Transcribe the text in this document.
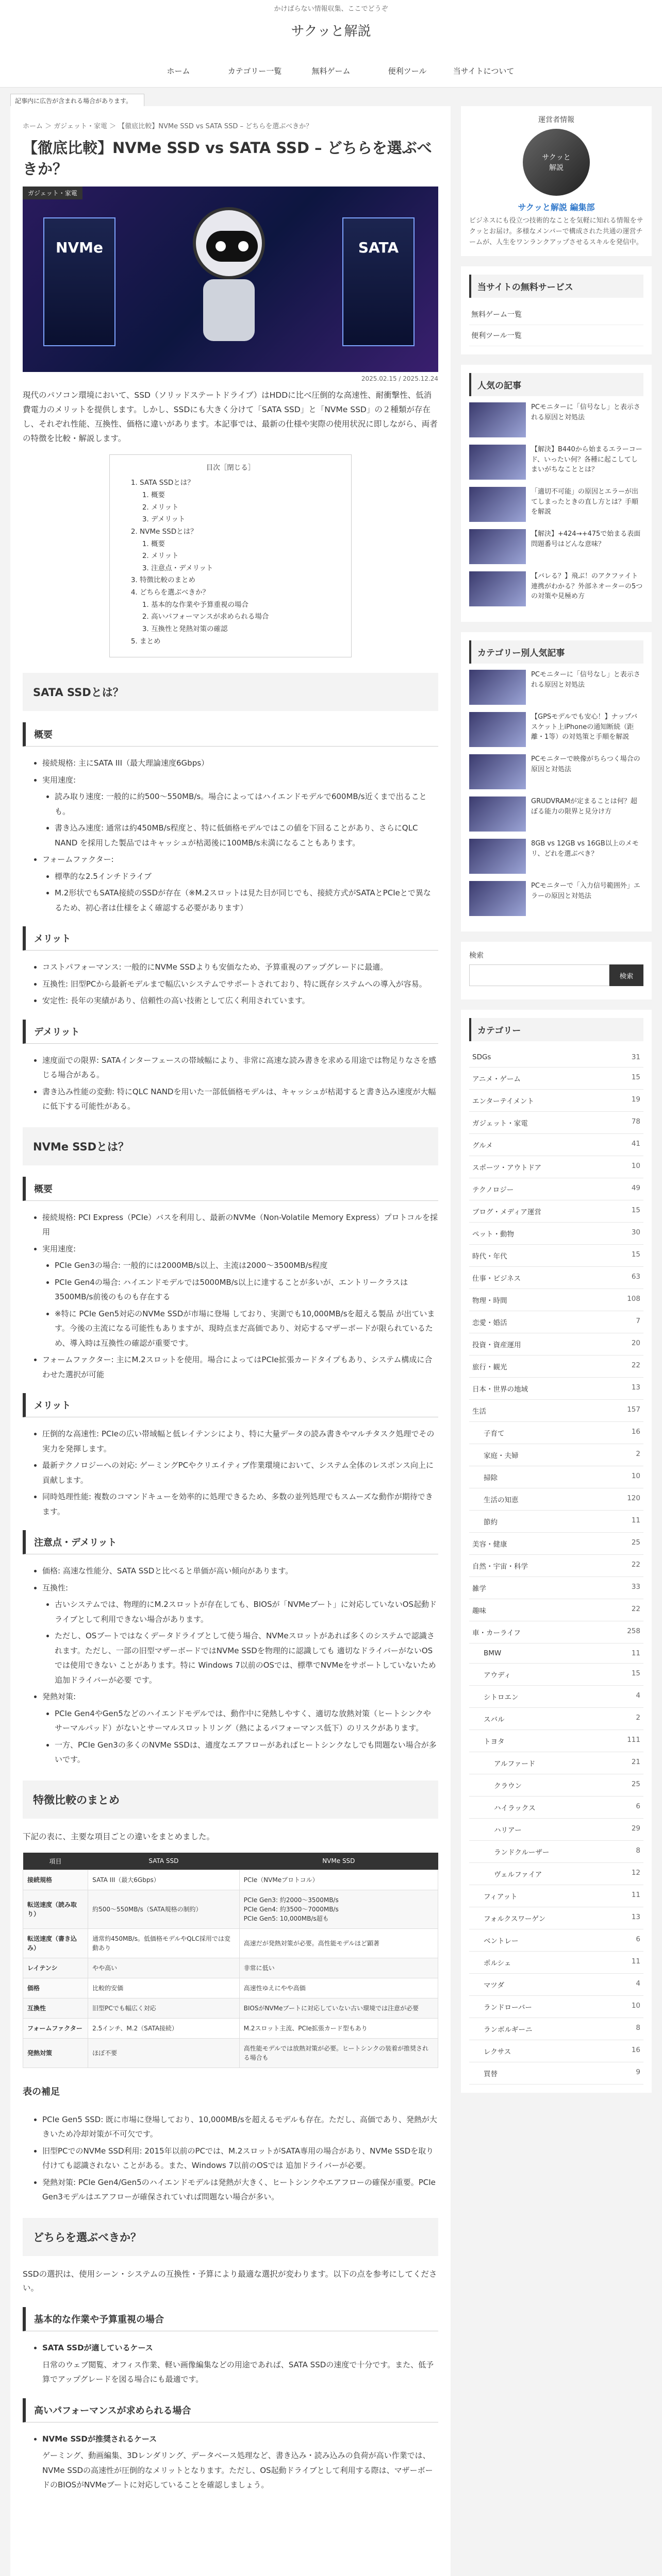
かけばらない情報収集、ここでどうぞ
サクッと解説
ホーム	カテゴリー一覧	無料ゲーム	便利ツール	当サイトについて
記事内に広告が含まれる場合があります。
ホーム ＞ ガジェット・家電 ＞ 【徹底比較】NVMe SSD vs SATA SSD – どちらを選ぶべきか？
【徹底比較】NVMe SSD vs SATA SSD – どちらを選ぶべきか？
ガジェット・家電
NVMe	SATA
2025.02.15 / 2025.12.24

現代のパソコン環境において、SSD（ソリッドステートドライブ）はHDDに比べ圧倒的な高速性、耐衝撃性、低消費電力のメリットを提供します。しかし、SSDにも大きく分けて「SATA SSD」と「NVMe SSD」の２種類が存在し、それぞれ性能、互換性、価格に違いがあります。本記事では、最新の仕様や実際の使用状況に即しながら、両者の特徴を比較・解説します。

目次［閉じる］
1. SATA SSDとは？
1. 概要
2. メリット
3. デメリット
2. NVMe SSDとは？
1. 概要
2. メリット
3. 注意点・デメリット
3. 特徴比較のまとめ
4. どちらを選ぶべきか？
1. 基本的な作業や予算重視の場合
2. 高いパフォーマンスが求められる場合
3. 互換性と発熱対策の確認
5. まとめ
SATA SSDとは？
概要
• 接続規格: 主にSATA III（最大理論速度6Gbps）
• 実用速度:
• 読み取り速度: 一般的に約500〜550MB/s。場合によってはハイエンドモデルで600MB/s近くまで出ることも。
• 書き込み速度: 通常は約450MB/s程度と、特に低価格モデルではこの値を下回ることがあり、さらにQLC NAND を採用した製品ではキャッシュが枯渇後に100MB/s未満になることもあります。
• フォームファクター:
• 標準的な2.5インチドライブ
• M.2形状でもSATA接続のSSDが存在（※M.2スロットは見た目が同じでも、接続方式がSATAとPCIeとで異なるため、初心者は仕様をよく確認する必要があります）
メリット
• コストパフォーマンス: 一般的にNVMe SSDよりも安価なため、予算重視のアップグレードに最適。
• 互換性: 旧型PCから最新モデルまで幅広いシステムでサポートされており、特に既存システムへの導入が容易。
• 安定性: 長年の実績があり、信頼性の高い技術として広く利用されています。
デメリット
• 速度面での限界: SATAインターフェースの帯域幅により、非常に高速な読み書きを求める用途では物足りなさを感じる場合がある。
• 書き込み性能の変動: 特にQLC NANDを用いた一部低価格モデルは、キャッシュが枯渇すると書き込み速度が大幅に低下する可能性がある。
NVMe SSDとは？
概要
• 接続規格: PCI Express（PCIe）バスを利用し、最新のNVMe（Non-Volatile Memory Express）プロトコルを採用
• 実用速度:
• PCIe Gen3の場合: 一般的には2000MB/s以上、主流は2000〜3500MB/s程度
• PCIe Gen4の場合: ハイエンドモデルでは5000MB/s以上に達することが多いが、エントリークラスは3500MB/s前後のものも存在する
• ※特に PCIe Gen5対応のNVMe SSDが市場に登場 しており、実測でも10,000MB/sを超える製品 が出ています。今後の主流になる可能性もありますが、現時点まだ高価であり、対応するマザーボードが限られているため、導入時は互換性の確認が重要です。
• フォームファクター: 主にM.2スロットを使用。場合によってはPCIe拡張カードタイプもあり、システム構成に合わせた選択が可能
メリット
• 圧倒的な高速性: PCIeの広い帯域幅と低レイテンシにより、特に大量データの読み書きやマルチタスク処理でその実力を発揮します。
• 最新テクノロジーへの対応: ゲーミングPCやクリエイティブ作業環境において、システム全体のレスポンス向上に貢献します。
• 同時処理性能: 複数のコマンドキューを効率的に処理できるため、多数の並列処理でもスムーズな動作が期待できます。
注意点・デメリット
• 価格: 高速な性能分、SATA SSDと比べると単価が高い傾向があります。
• 互換性:
• 古いシステムでは、物理的にM.2スロットが存在しても、BIOSが「NVMeブート」に対応していないOS起動ドライブとして利用できない場合があります。
• ただし、OSブートではなくデータドライブとして使う場合、NVMeスロットがあれば多くのシステムで認識されます。ただし、一部の旧型マザーボードではNVMe SSDを物理的に認識しても 適切なドライバーがないOSでは使用できない ことがあります。特に Windows 7以前のOSでは、標準でNVMeをサポートしていないため追加ドライバーが必要 です。
• 発熱対策:
• PCIe Gen4やGen5などのハイエンドモデルでは、動作中に発熱しやすく、適切な放熱対策（ヒートシンクやサーマルパッド）がないとサーマルスロットリング（熱によるパフォーマンス低下）のリスクがあります。
• 一方、PCIe Gen3の多くのNVMe SSDは、適度なエアフローがあればヒートシンクなしでも問題ない場合が多いです。
特徴比較のまとめ

下記の表に、主要な項目ごとの違いをまとめました。

項目	SATA SSD	NVMe SSD
接続規格	SATA III（最大6Gbps）	PCIe（NVMeプロトコル）
転送速度（読み取り）	約500〜550MB/s（SATA規格の制約）	PCIe Gen3: 約2000〜3500MB/s
PCIe Gen4: 約3500〜7000MB/s
PCIe Gen5: 10,000MB/s超も
転送速度（書き込み）	通常約450MB/s。低価格モデルやQLC採用では変動あり	高速だが発熱対策が必要。高性能モデルほど顕著
レイテンシ	やや高い	非常に低い
価格	比較的安価	高速性ゆえにやや高価
互換性	旧型PCでも幅広く対応	BIOSがNVMeブートに対応していない古い環境では注意が必要
フォームファクター	2.5インチ、M.2（SATA接続）	M.2スロット主流、PCIe拡張カード型もあり
発熱対策	ほぼ不要	高性能モデルでは放熱対策が必要。ヒートシンクの装着が推奨される場合も
表の補足
• PCIe Gen5 SSD: 既に市場に登場しており、10,000MB/sを超えるモデルも存在。ただし、高価であり、発熱が大きいため冷却対策が不可欠です。
• 旧型PCでのNVMe SSD利用: 2015年以前のPCでは、M.2スロットがSATA専用の場合があり、NVMe SSDを取り付けても認識されない ことがある。また、Windows 7以前のOSでは 追加ドライバーが必要。
• 発熱対策: PCIe Gen4/Gen5のハイエンドモデルは発熱が大きく、ヒートシンクやエアフローの確保が重要。PCIe Gen3モデルはエアフローが確保されていれば問題ない場合が多い。
どちらを選ぶべきか？

SSDの選択は、使用シーン・システムの互換性・予算により最適な選択が変わります。以下の点を参考にしてください。

基本的な作業や予算重視の場合
• SATA SSDが適しているケース
日常のウェブ閲覧、オフィス作業、軽い画像編集などの用途であれば、SATA SSDの速度で十分です。また、低予算でアップグレードを図る場合にも最適です。
高いパフォーマンスが求められる場合
• NVMe SSDが推奨されるケース
ゲーミング、動画編集、3Dレンダリング、データベース処理など、書き込み・読み込みの負荷が高い作業では、NVMe SSDの高速性が圧倒的なメリットとなります。ただし、OS起動ドライブとして利用する際は、マザーボードのBIOSがNVMeブートに対応していることを確認しましょう。
運営者情報
サクッと
解説
サクッと解説 編集部
ビジネスにも役立つ技術的なことを気軽に知れる情報をサクッとお届け。多様なメンバーで構成された共通の運営チームが、人生をワンランクアップさせるスキルを発信中。
当サイトの無料サービス
無料ゲーム一覧
便利ツール一覧
人気の記事
PCモニターに「信号なし」と表示される原因と対処法
【解決】B440から始まるエラーコード、いったい何？各種に起こしてしまいがちなこととは？
「適切不可能」の原因とエラーが出てしまったときの直し方とは？手順を解説
【解決】+424→+475で始まる表面問題番号はどんな意味？
【バレる？】飛ぶ！のアクファイト連携がわかる？外部ネオーターの5つの対策や見極め方
カテゴリー別人気記事
PCモニターに「信号なし」と表示される原因と対処法
【GPSモデルでも安心！】ナップバスケット上iPhoneの通知断続（距離・1等）の対処策と手順を解説
PCモニターで映像がちらつく場合の原因と対処法
GRUDVRAMが定まることは何？超ぼる能力の限界と見分け方
8GB vs 12GB vs 16GB以上のメモリ、どれを選ぶべき？
PCモニターで「入力信号範囲外」エラーの原因と対処法
検索
検索
カテゴリー
SDGs	31
アニメ・ゲーム	15
エンターテイメント	19
ガジェット・家電	78
グルメ	41
スポーツ・アウトドア	10
テクノロジー	49
ブログ・メディア運営	15
ペット・動物	30
時代・年代	15
仕事・ビジネス	63
物理・時間	108
恋愛・婚活	7
投資・資産運用	20
旅行・観光	22
日本・世界の地域	13
生活	157
子育て	16
家庭・夫婦	2
掃除	10
生活の知恵	120
節約	11
美容・健康	25
自然・宇宙・科学	22
雑学	33
趣味	22
車・カーライフ	258
BMW	11
アウディ	15
シトロエン	4
スバル	2
トヨタ	111
アルファード	21
クラウン	25
ハイラックス	6
ハリアー	29
ランドクルーザー	8
ヴェルファイア	12
フィアット	11
フォルクスワーゲン	13
ベントレー	6
ポルシェ	11
マツダ	4
ランドローバー	10
ランボルギーニ	8
レクサス	16
買替	9
